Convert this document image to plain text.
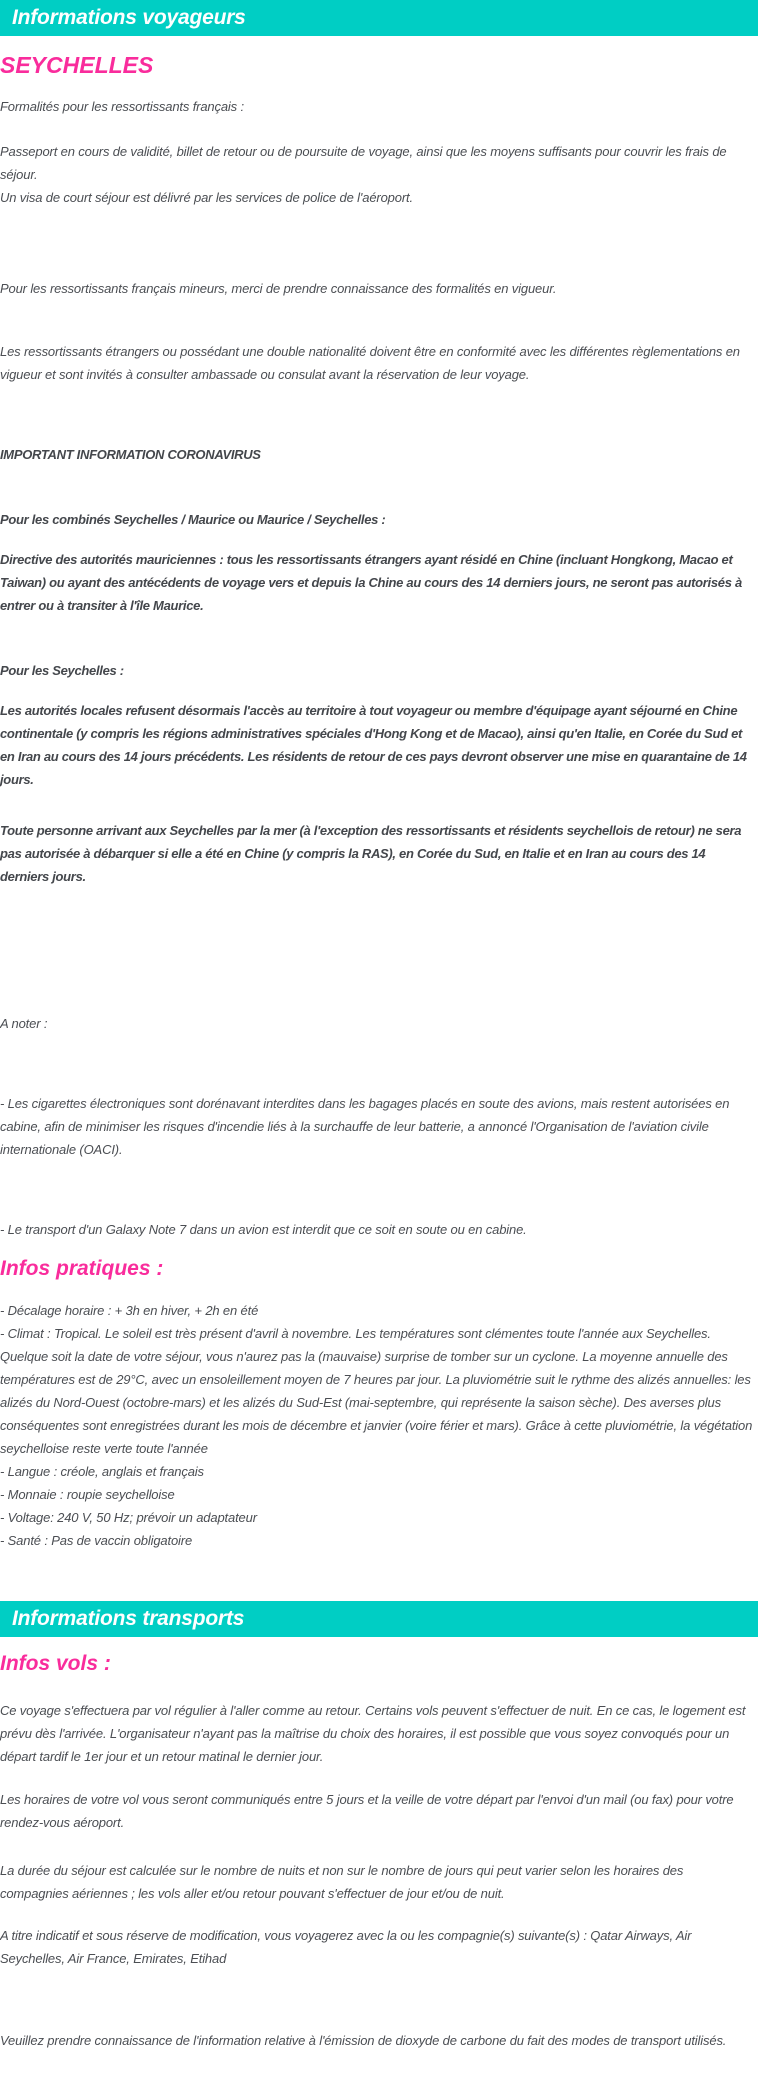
Informations voyageurs
SEYCHELLES

Formalités pour les ressortissants français :

Passeport en cours de validité, billet de retour ou de poursuite de voyage, ainsi que les moyens suffisants pour couvrir les frais de séjour.

Un visa de court séjour est délivré par les services de police de l'aéroport.

Pour les ressortissants français mineurs, merci de prendre connaissance des formalités en vigueur.

Les ressortissants étrangers ou possédant une double nationalité doivent être en conformité avec les différentes règlementations en vigueur et sont invités à consulter ambassade ou consulat avant la réservation de leur voyage.

IMPORTANT INFORMATION CORONAVIRUS

Pour les combinés Seychelles / Maurice ou Maurice / Seychelles :

Directive des autorités mauriciennes : tous les ressortissants étrangers ayant résidé en Chine (incluant Hongkong, Macao et Taiwan) ou ayant des antécédents de voyage vers et depuis la Chine au cours des 14 derniers jours, ne seront pas autorisés à entrer ou à transiter à l'île Maurice.

Pour les Seychelles :

Les autorités locales refusent désormais l'accès au territoire à tout voyageur ou membre d'équipage ayant séjourné en Chine continentale (y compris les régions administratives spéciales d'Hong Kong et de Macao), ainsi qu'en Italie, en Corée du Sud et en Iran au cours des 14 jours précédents. Les résidents de retour de ces pays devront observer une mise en quarantaine de 14 jours.

Toute personne arrivant aux Seychelles par la mer (à l'exception des ressortissants et résidents seychellois de retour) ne sera pas autorisée à débarquer si elle a été en Chine (y compris la RAS), en Corée du Sud, en Italie et en Iran au cours des 14 derniers jours.

A noter :

- Les cigarettes électroniques sont dorénavant interdites dans les bagages placés en soute des avions, mais restent autorisées en cabine, afin de minimiser les risques d'incendie liés à la surchauffe de leur batterie, a annoncé l'Organisation de l'aviation civile internationale (OACI).

- Le transport d'un Galaxy Note 7 dans un avion est interdit que ce soit en soute ou en cabine.

Infos pratiques :

- Décalage horaire : + 3h en hiver, + 2h en été

- Climat : Tropical. Le soleil est très présent d'avril à novembre. Les températures sont clémentes toute l'année aux Seychelles. Quelque soit la date de votre séjour, vous n'aurez pas la (mauvaise) surprise de tomber sur un cyclone. La moyenne annuelle des températures est de 29°C, avec un ensoleillement moyen de 7 heures par jour. La pluviométrie suit le rythme des alizés annuelles: les alizés du Nord-Ouest (octobre-mars) et les alizés du Sud-Est (mai-septembre, qui représente la saison sèche). Des averses plus conséquentes sont enregistrées durant les mois de décembre et janvier (voire férier et mars). Grâce à cette pluviométrie, la végétation seychelloise reste verte toute l'année

- Langue : créole, anglais et français

- Monnaie : roupie seychelloise

- Voltage: 240 V, 50 Hz; prévoir un adaptateur

- Santé : Pas de vaccin obligatoire

Informations transports
Infos vols :

Ce voyage s'effectuera par vol régulier à l'aller comme au retour. Certains vols peuvent s'effectuer de nuit. En ce cas, le logement est prévu dès l'arrivée. L'organisateur n'ayant pas la maîtrise du choix des horaires, il est possible que vous soyez convoqués pour un départ tardif le 1er jour et un retour matinal le dernier jour.

Les horaires de votre vol vous seront communiqués entre 5 jours et la veille de votre départ par l'envoi d'un mail (ou fax) pour votre rendez-vous aéroport.

La durée du séjour est calculée sur le nombre de nuits et non sur le nombre de jours qui peut varier selon les horaires des compagnies aériennes ; les vols aller et/ou retour pouvant s'effectuer de jour et/ou de nuit.

A titre indicatif et sous réserve de modification, vous voyagerez avec la ou les compagnie(s) suivante(s) : Qatar Airways, Air Seychelles, Air France, Emirates, Etihad

Veuillez prendre connaissance de l'information relative à l'émission de dioxyde de carbone du fait des modes de transport utilisés.
